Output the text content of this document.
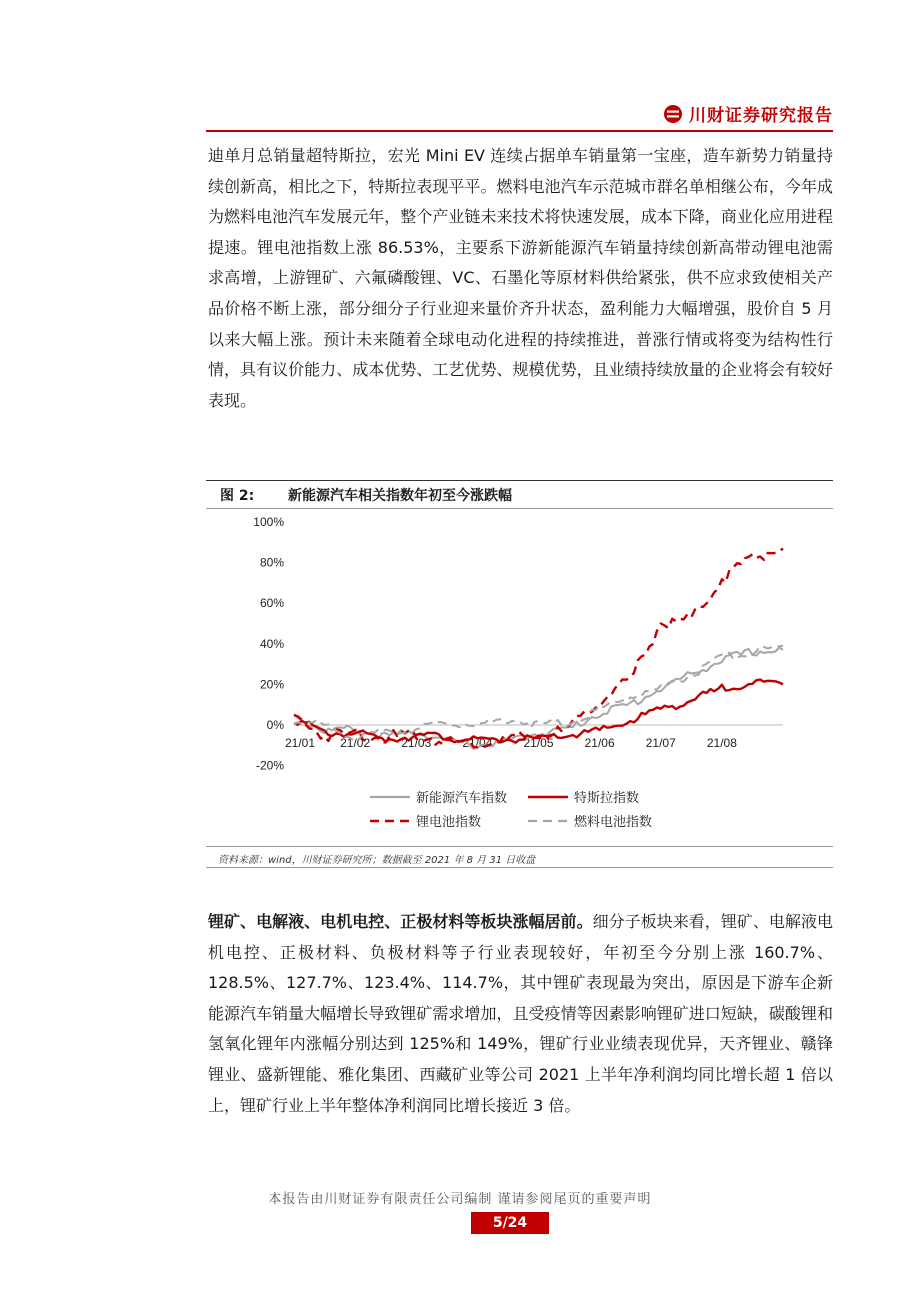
川财证券研究报告

迪单月总销量超特斯拉，宏光 Mini EV 连续占据单车销量第一宝座，造车新势力销量持续创新高，相比之下，特斯拉表现平平。燃料电池汽车示范城市群名单相继公布，今年成为燃料电池汽车发展元年，整个产业链未来技术将快速发展，成本下降，商业化应用进程提速。锂电池指数上涨 86.53%，主要系下游新能源汽车销量持续创新高带动锂电池需求高增，上游锂矿、六氟磷酸锂、VC、石墨化等原材料供给紧张，供不应求致使相关产品价格不断上涨，部分细分子行业迎来量价齐升状态，盈利能力大幅增强，股价自 5 月以来大幅上涨。预计未来随着全球电动化进程的持续推进，普涨行情或将变为结构性行情，具有议价能力、成本优势、工艺优势、规模优势，且业绩持续放量的企业将会有较好表现。

图 2: 新能源汽车相关指数年初至今涨跌幅
100%
80%
60%
40%
20%
0%
-20%
21/01 21/02	21/03	21/04	21/05	21/06	21/07	21/08
新能源汽车指数	特斯拉指数
锂电池指数	燃料电池指数
资料来源：wind，川财证券研究所；数据截至 2021 年 8 月 31 日收盘

锂矿、电解液、电机电控、正极材料等板块涨幅居前。细分子板块来看，锂矿、电解液电机电控、正极材料、负极材料等子行业表现较好，年初至今分别上涨 160.7%、128.5%、127.7%、123.4%、114.7%，其中锂矿表现最为突出，原因是下游车企新能源汽车销量大幅增长导致锂矿需求增加，且受疫情等因素影响锂矿进口短缺，碳酸锂和氢氧化锂年内涨幅分别达到 125%和 149%，锂矿行业业绩表现优异，天齐锂业、赣锋锂业、盛新锂能、雅化集团、西藏矿业等公司 2021 上半年净利润均同比增长超 1 倍以上，锂矿行业上半年整体净利润同比增长接近 3 倍。

本报告由川财证券有限责任公司编制 谨请参阅尾页的重要声明
5/24
